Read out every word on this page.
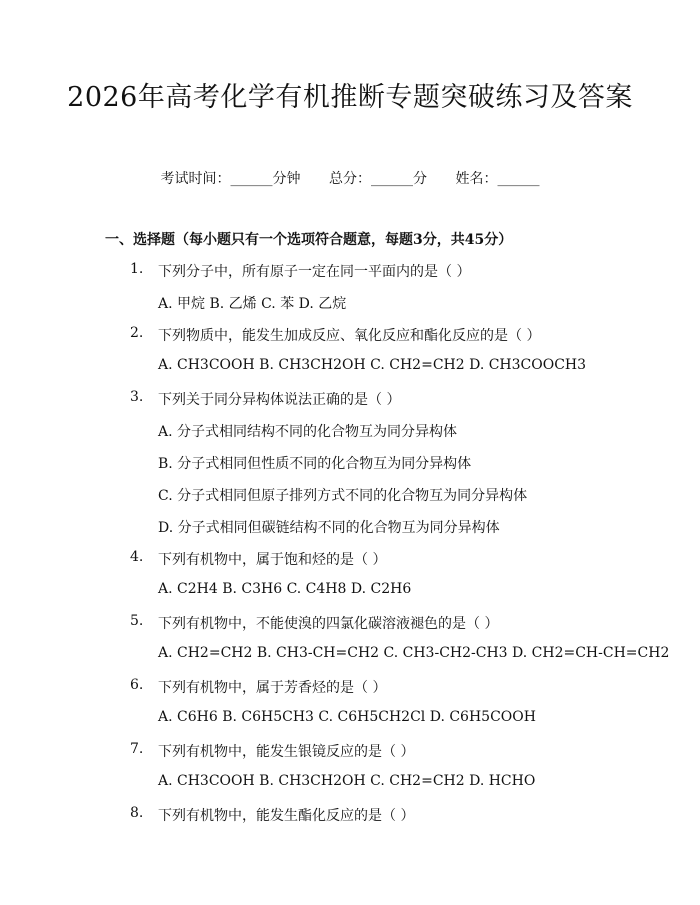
2026年高考化学有机推断专题突破练习及答案
考试时间：______分钟 总分：______分 姓名：______
一、选择题（每小题只有一个选项符合题意，每题3分，共45分）
1. 下列分子中，所有原子一定在同一平面内的是（ ）
A. 甲烷 B. 乙烯 C. 苯 D. 乙烷
2. 下列物质中，能发生加成反应、氧化反应和酯化反应的是（ ）
A. CH3COOH B. CH3CH2OH C. CH2=CH2 D. CH3COOCH3
3. 下列关于同分异构体说法正确的是（ ）
A. 分子式相同结构不同的化合物互为同分异构体
B. 分子式相同但性质不同的化合物互为同分异构体
C. 分子式相同但原子排列方式不同的化合物互为同分异构体
D. 分子式相同但碳链结构不同的化合物互为同分异构体
4. 下列有机物中，属于饱和烃的是（ ）
A. C2H4 B. C3H6 C. C4H8 D. C2H6
5. 下列有机物中，不能使溴的四氯化碳溶液褪色的是（ ）
A. CH2=CH2 B. CH3-CH=CH2 C. CH3-CH2-CH3 D. CH2=CH-CH=CH2
6. 下列有机物中，属于芳香烃的是（ ）
A. C6H6 B. C6H5CH3 C. C6H5CH2Cl D. C6H5COOH
7. 下列有机物中，能发生银镜反应的是（ ）
A. CH3COOH B. CH3CH2OH C. CH2=CH2 D. HCHO
8. 下列有机物中，能发生酯化反应的是（ ）
